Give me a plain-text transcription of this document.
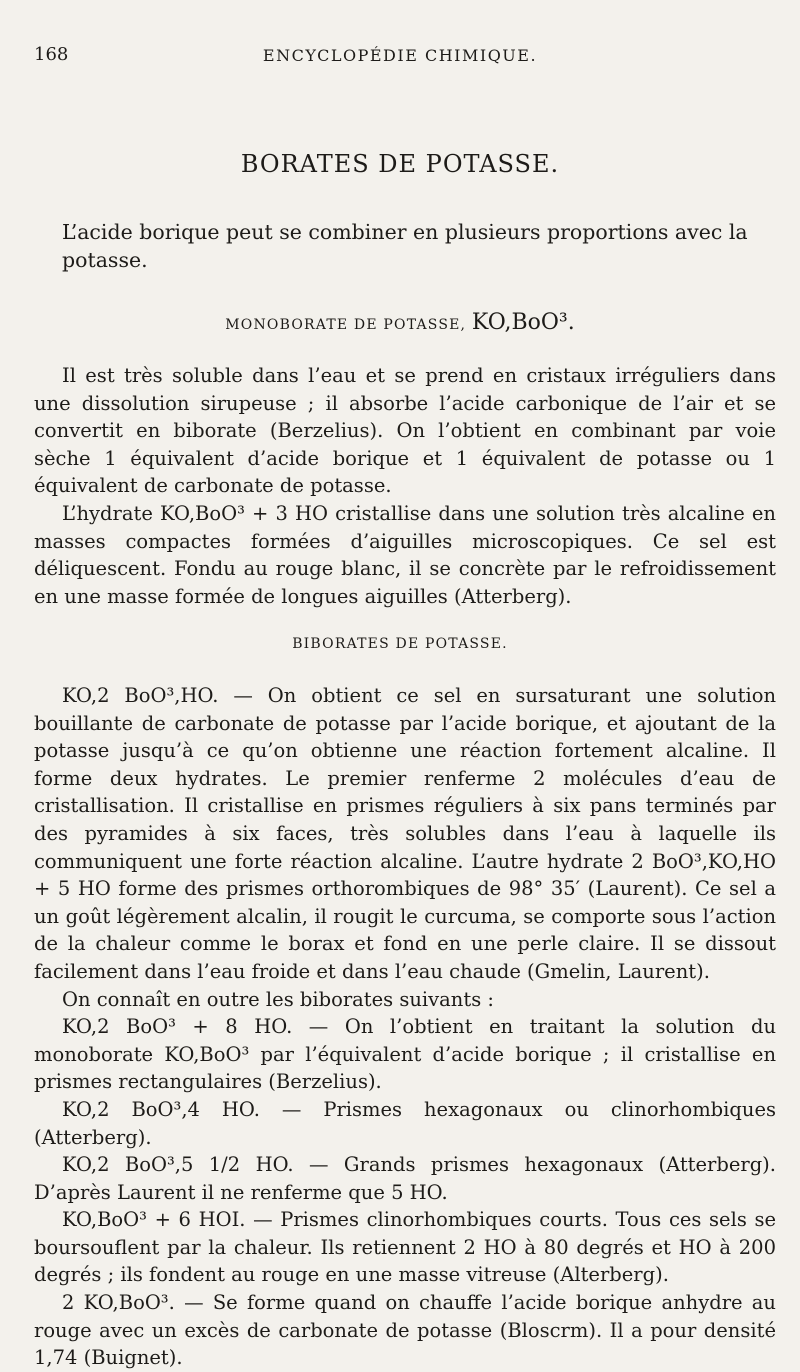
168	ENCYCLOPÉDIE CHIMIQUE.
BORATES DE POTASSE.
L’acide borique peut se combiner en plusieurs proportions avec la potasse.
MONOBORATE DE POTASSE, KO,BoO³.

Il est très soluble dans l’eau et se prend en cristaux irréguliers dans une dissolution sirupeuse ; il absorbe l’acide carbonique de l’air et se convertit en biborate (Berzelius). On l’obtient en combinant par voie sèche 1 équivalent d’acide borique et 1 équivalent de potasse ou 1 équivalent de carbonate de potasse.

L’hydrate KO,BoO³ + 3 HO cristallise dans une solution très alcaline en masses compactes formées d’aiguilles microscopiques. Ce sel est déliquescent. Fondu au rouge blanc, il se concrète par le refroidissement en une masse formée de longues aiguilles (Atterberg).

BIBORATES DE POTASSE.

KO,2 BoO³,HO. — On obtient ce sel en sursaturant une solution bouillante de carbonate de potasse par l’acide borique, et ajoutant de la potasse jusqu’à ce qu’on obtienne une réaction fortement alcaline. Il forme deux hydrates. Le premier renferme 2 molécules d’eau de cristallisation. Il cristallise en prismes réguliers à six pans terminés par des pyramides à six faces, très solubles dans l’eau à laquelle ils communiquent une forte réaction alcaline. L’autre hydrate 2 BoO³,KO,HO + 5 HO forme des prismes orthorombiques de 98° 35′ (Laurent). Ce sel a un goût légèrement alcalin, il rougit le curcuma, se comporte sous l’action de la chaleur comme le borax et fond en une perle claire. Il se dissout facilement dans l’eau froide et dans l’eau chaude (Gmelin, Laurent).

On connaît en outre les biborates suivants :

KO,2 BoO³ + 8 HO. — On l’obtient en traitant la solution du monoborate KO,BoO³ par l’équivalent d’acide borique ; il cristallise en prismes rectangulaires (Berzelius).

KO,2 BoO³,4 HO. — Prismes hexagonaux ou clinorhombiques (Atterberg).

KO,2 BoO³,5 1/2 HO. — Grands prismes hexagonaux (Atterberg). D’après Laurent il ne renferme que 5 HO.

KO,BoO³ + 6 HOI. — Prismes clinorhombiques courts. Tous ces sels se boursouflent par la chaleur. Ils retiennent 2 HO à 80 degrés et HO à 200 degrés ; ils fondent au rouge en une masse vitreuse (Alterberg).

2 KO,BoO³. — Se forme quand on chauffe l’acide borique anhydre au rouge avec un excès de carbonate de potasse (Bloscrm). Il a pour densité 1,74 (Buignet).
